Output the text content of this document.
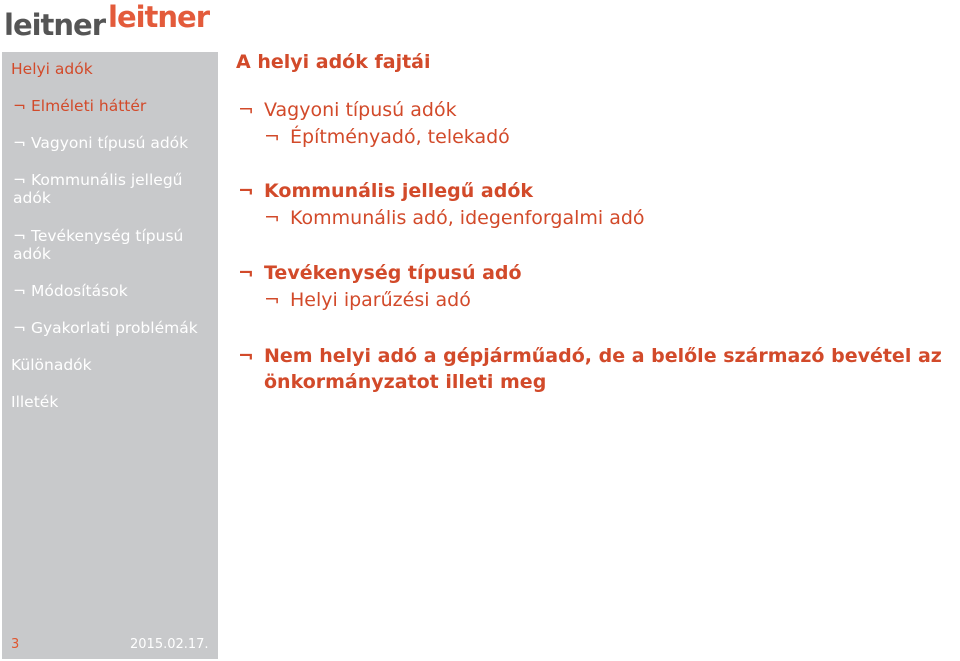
leitner leitner
Helyi adók
¬ Elméleti háttér
¬ Vagyoni típusú adók
¬ Kommunális jellegű adók
¬ Tevékenység típusú adók
¬ Módosítások
¬ Gyakorlati problémák
Különadók
Illeték
3	2015.02.17.
A helyi adók fajtái
¬ Vagyoni típusú adók
¬ Építményadó, telekadó
¬ Kommunális jellegű adók
¬ Kommunális adó, idegenforgalmi adó
¬ Tevékenység típusú adó
¬ Helyi iparűzési adó
¬ Nem helyi adó a gépjárműadó, de a belőle származó bevétel az önkormányzatot illeti meg
